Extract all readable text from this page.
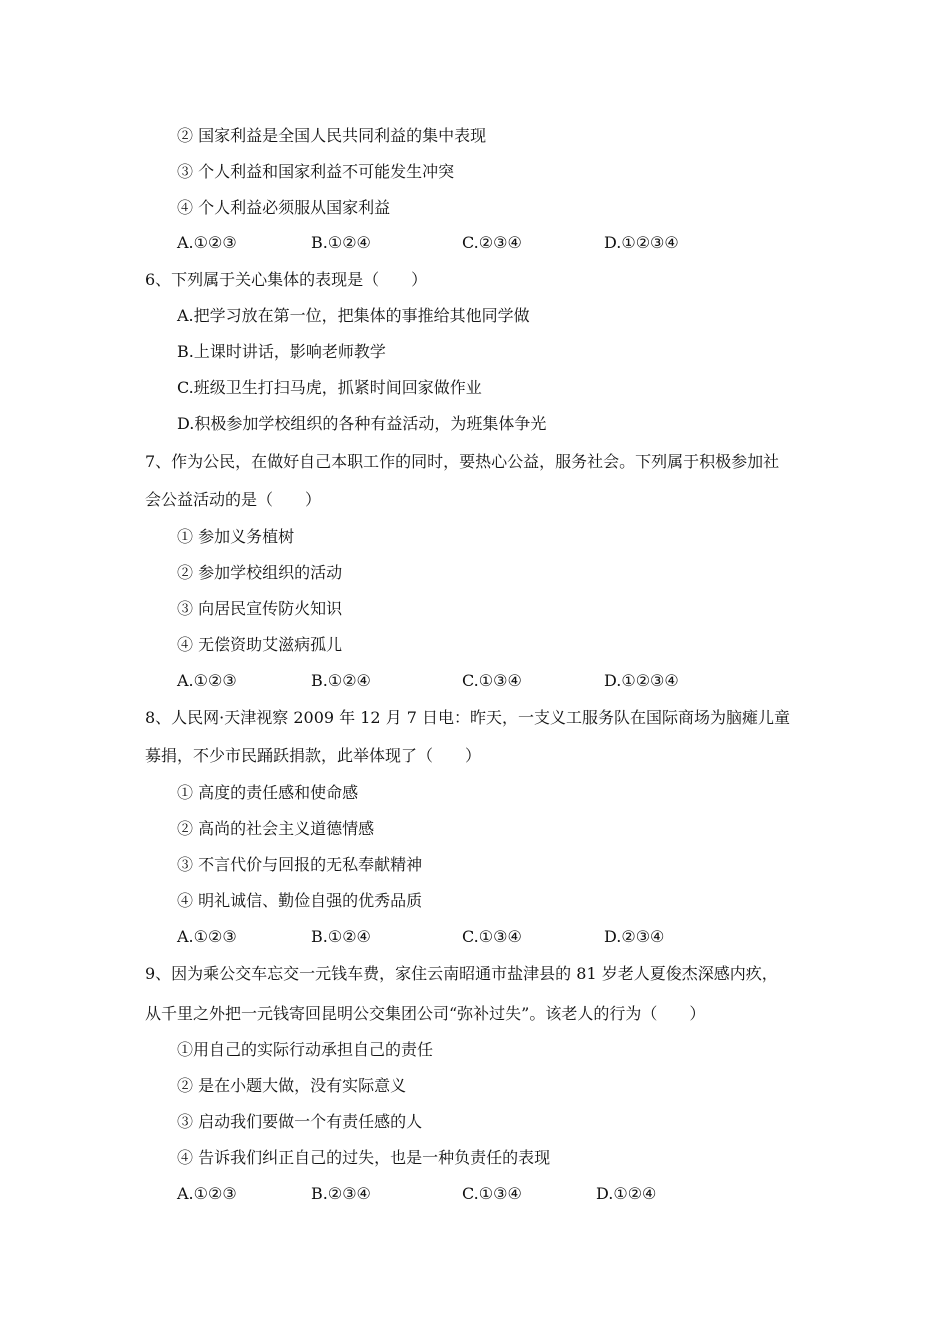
② 国家利益是全国人民共同利益的集中表现
③ 个人利益和国家利益不可能发生冲突
④ 个人利益必须服从国家利益
A.①②③	B.①②④	C.②③④	D.①②③④
6、下列属于关心集体的表现是（　　）
A.把学习放在第一位，把集体的事推给其他同学做
B.上课时讲话，影响老师教学
C.班级卫生打扫马虎，抓紧时间回家做作业
D.积极参加学校组织的各种有益活动，为班集体争光
7、作为公民，在做好自己本职工作的同时，要热心公益，服务社会。下列属于积极参加社
会公益活动的是（　　）
① 参加义务植树
② 参加学校组织的活动
③ 向居民宣传防火知识
④ 无偿资助艾滋病孤儿
A.①②③	B.①②④	C.①③④	D.①②③④
8、人民网·天津视察 2009 年 12 月 7 日电：昨天，一支义工服务队在国际商场为脑瘫儿童
募捐，不少市民踊跃捐款，此举体现了（　　）
① 高度的责任感和使命感
② 高尚的社会主义道德情感
③ 不言代价与回报的无私奉献精神
④ 明礼诚信、勤俭自强的优秀品质
A.①②③	B.①②④	C.①③④	D.②③④
9、因为乘公交车忘交一元钱车费，家住云南昭通市盐津县的 81 岁老人夏俊杰深感内疚，
从千里之外把一元钱寄回昆明公交集团公司“弥补过失”。该老人的行为（　　）
①用自己的实际行动承担自己的责任
② 是在小题大做，没有实际意义
③ 启动我们要做一个有责任感的人
④ 告诉我们纠正自己的过失，也是一种负责任的表现
A.①②③	B.②③④	C.①③④	D.①②④
